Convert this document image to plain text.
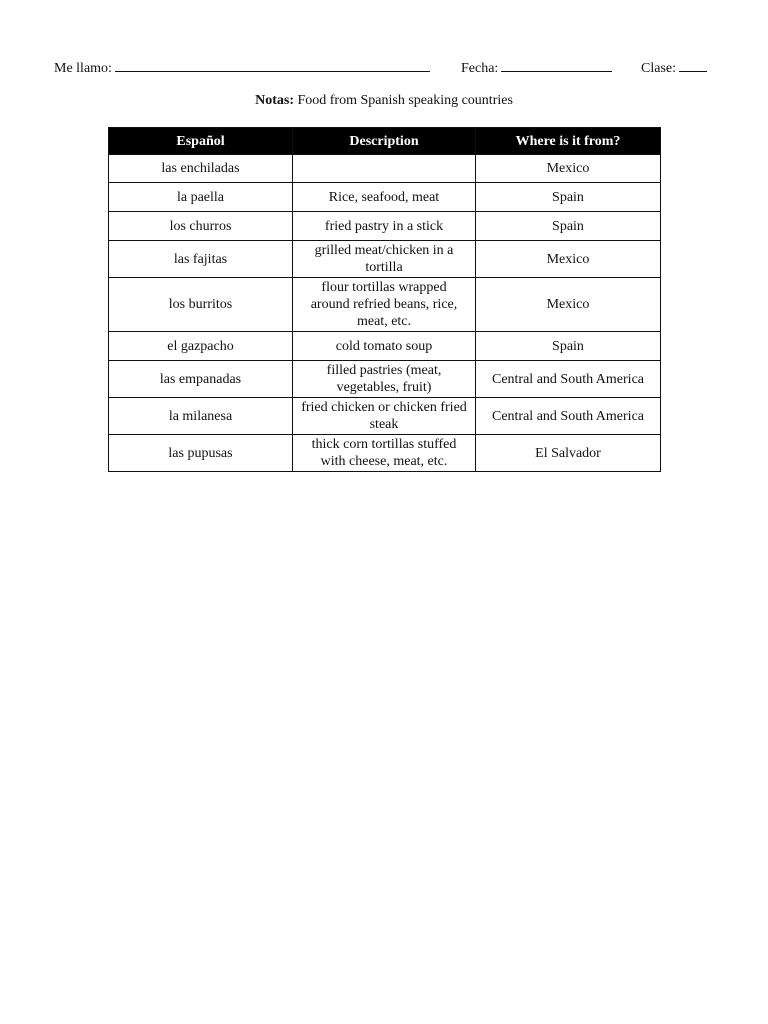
Me llamo:	Fecha:	Clase:
Notas: Food from Spanish speaking countries
Español	Description	Where is it from?
las enchiladas		Mexico
la paella	Rice, seafood, meat	Spain
los churros	fried pastry in a stick	Spain
las fajitas	grilled meat/chicken in a tortilla	Mexico
los burritos	flour tortillas wrapped around refried beans, rice, meat, etc.	Mexico
el gazpacho	cold tomato soup	Spain
las empanadas	filled pastries (meat, vegetables, fruit)	Central and South America
la milanesa	fried chicken or chicken fried steak	Central and South America
las pupusas	thick corn tortillas stuffed with cheese, meat, etc.	El Salvador
